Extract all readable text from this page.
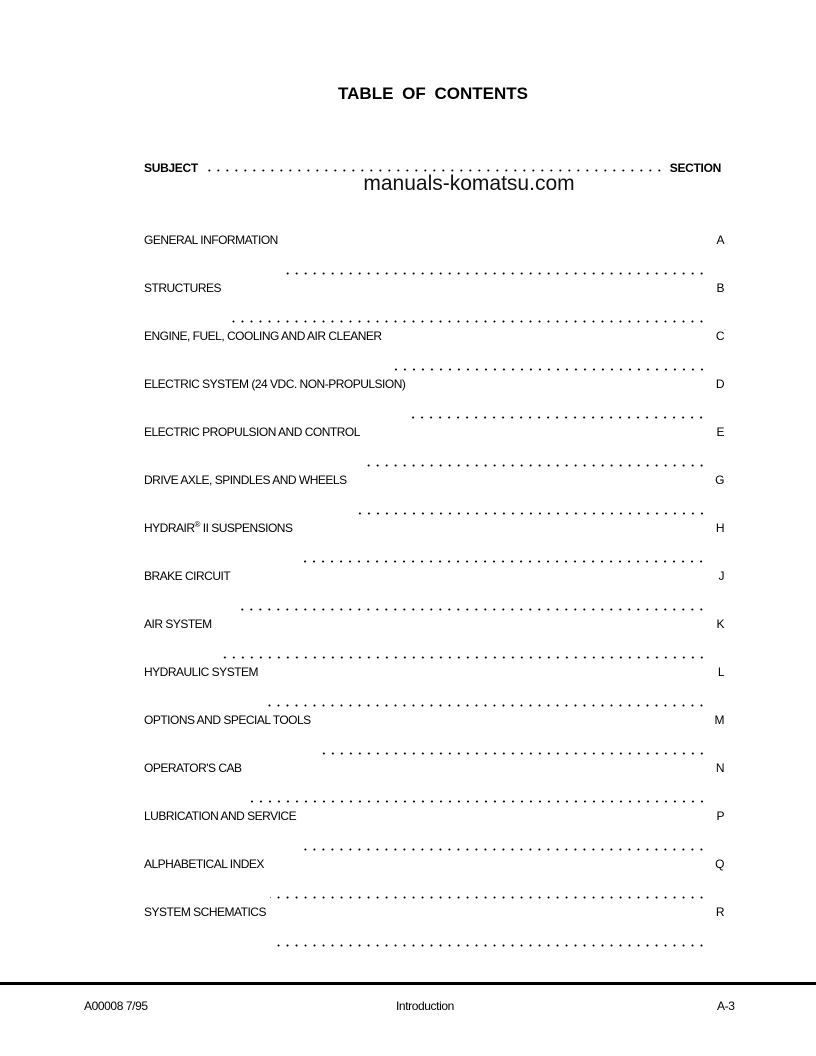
TABLE OF CONTENTS
SUBJECT	SECTION
manuals-komatsu.com
GENERAL INFORMATION	A
STRUCTURES	B
ENGINE, FUEL, COOLING AND AIR CLEANER	C
ELECTRIC SYSTEM (24 VDC. NON-PROPULSION)	D
ELECTRIC PROPULSION AND CONTROL	E
DRIVE AXLE, SPINDLES AND WHEELS	G
HYDRAIR® II SUSPENSIONS	H
BRAKE CIRCUIT	J
AIR SYSTEM	K
HYDRAULIC SYSTEM	L
OPTIONS AND SPECIAL TOOLS	M
OPERATOR'S CAB	N
LUBRICATION AND SERVICE	P
ALPHABETICAL INDEX	Q
SYSTEM SCHEMATICS	R
A00008 7/95	Introduction	A-3
